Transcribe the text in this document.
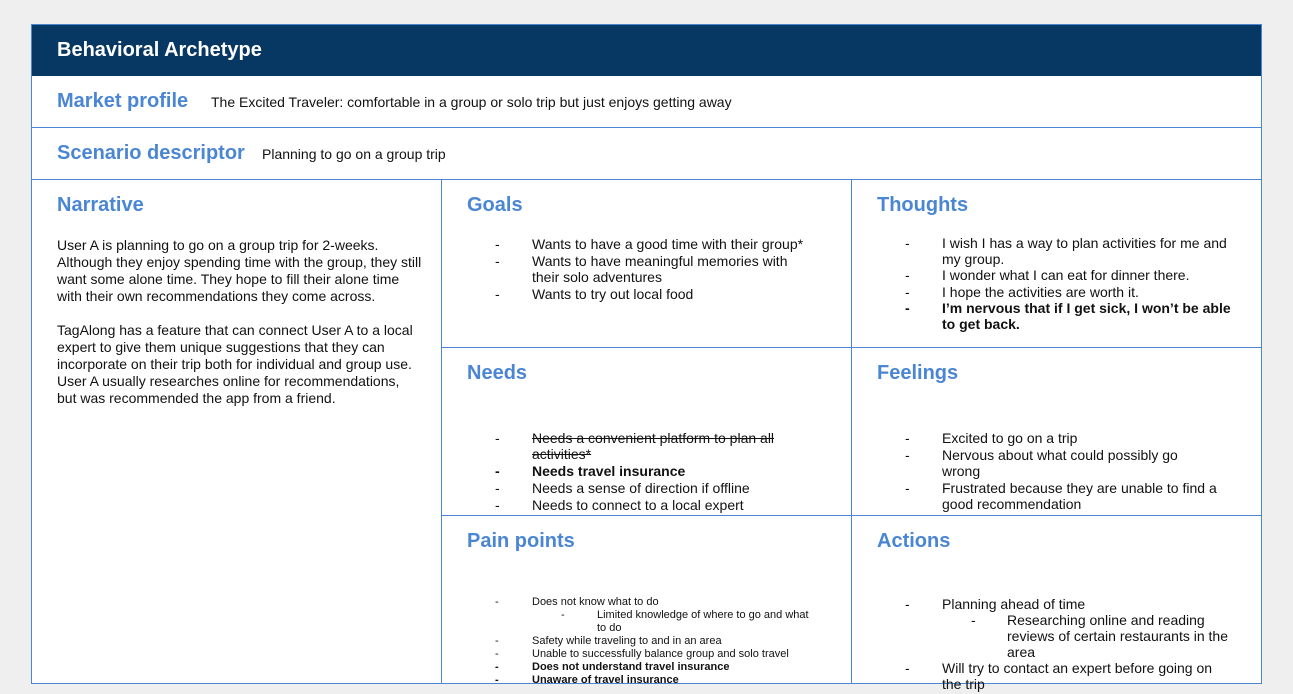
Behavioral Archetype
Market profile The Excited Traveler: comfortable in a group or solo trip but just enjoys getting away
Scenario descriptor Planning to go on a group trip
Narrative

User A is planning to go on a group trip for 2-weeks. Although they enjoy spending time with the group, they still want some alone time. They hope to fill their alone time with their own recommendations they come across.

TagAlong has a feature that can connect User A to a local expert to give them unique suggestions that they can incorporate on their trip both for individual and group use. User A usually researches online for recommendations, but was recommended the app from a friend.

Goals
- Wants to have a good time with their group*
- Wants to have meaningful memories with their solo adventures
- Wants to try out local food
Thoughts
- I wish I has a way to plan activities for me and my group.
- I wonder what I can eat for dinner there.
- I hope the activities are worth it.
- I’m nervous that if I get sick, I won’t be able to get back.
Needs
- Needs a convenient platform to plan all activities*
- Needs travel insurance
- Needs a sense of direction if offline
- Needs to connect to a local expert
Feelings
- Excited to go on a trip
- Nervous about what could possibly go wrong
- Frustrated because they are unable to find a good recommendation
Pain points
- Does not know what to do
- Limited knowledge of where to go and what to do
- Safety while traveling to and in an area
- Unable to successfully balance group and solo travel
- Does not understand travel insurance
- Unaware of travel insurance
Actions
- Planning ahead of time
- Researching online and reading reviews of certain restaurants in the area
- Will try to contact an expert before going on the trip
